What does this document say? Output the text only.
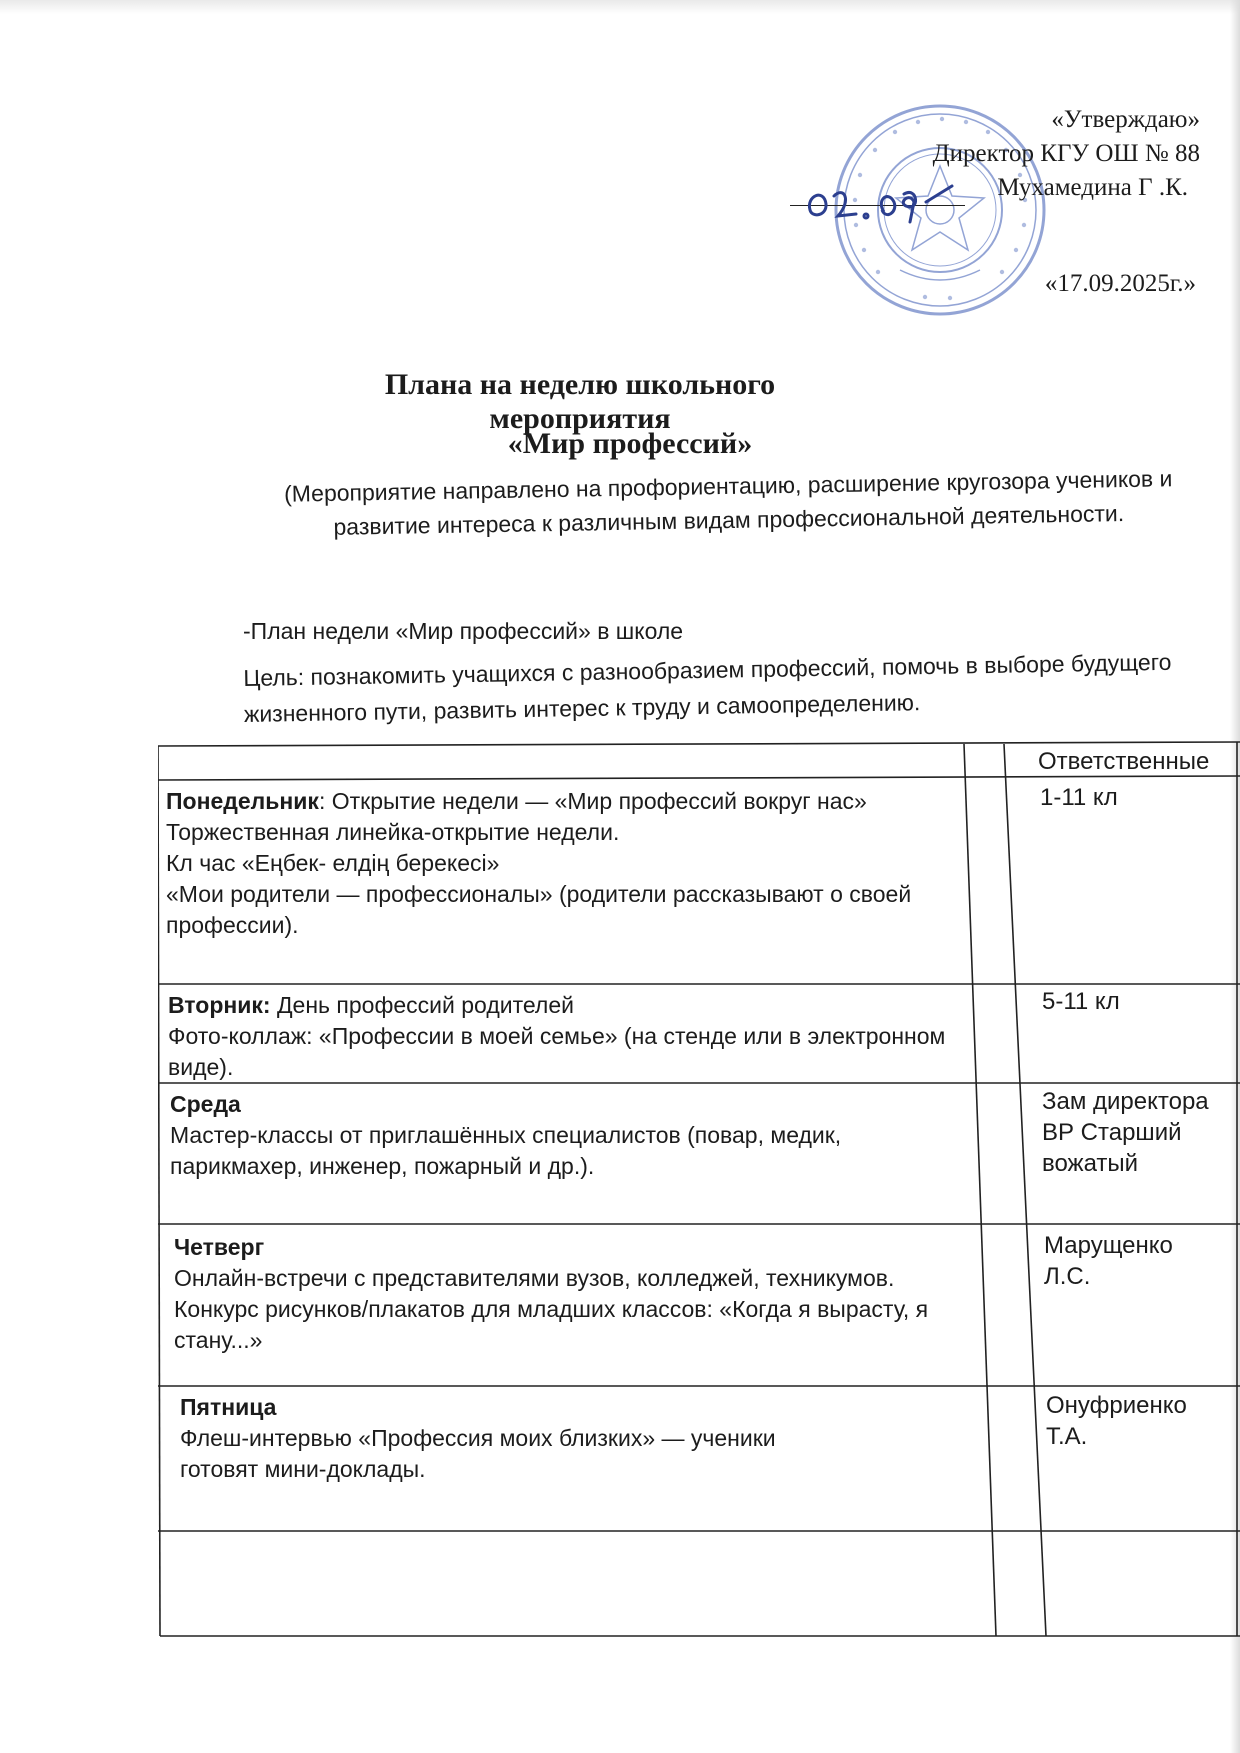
«Утверждаю»
Директор КГУ ОШ № 88
Мухамедина Г .К.
«17.09.2025г.»
Плана на неделю школьного мероприятия
«Мир профессий»
(Мероприятие направлено на профориентацию, расширение кругозора учеников и развитие интереса к различным видам профессиональной деятельности.
-План недели «Мир профессий» в школе
Цель: познакомить учащихся с разнообразием профессий, помочь в выборе будущего жизненного пути, развить интерес к труду и самоопределению.
Ответственные
Понедельник: Открытие недели — «Мир профессий вокруг нас»
Торжественная линейка-открытие недели.
Кл час «Еңбек- елдің берекесі»
«Мои родители — профессионалы» (родители рассказывают о своей профессии).
1-11 кл
Вторник: День профессий родителей
Фото-коллаж: «Профессии в моей семье» (на стенде или в электронном виде).
5-11 кл
Среда
Мастер-классы от приглашённых специалистов (повар, медик, парикмахер, инженер, пожарный и др.).
Зам директора ВР Старший вожатый
Четверг
Онлайн-встречи с представителями вузов, колледжей, техникумов.
Конкурс рисунков/плакатов для младших классов: «Когда я вырасту, я стану...»
Марущенко Л.С.
Пятница
Флеш-интервью «Профессия моих близких» — ученики готовят мини-доклады.
Онуфриенко Т.А.
